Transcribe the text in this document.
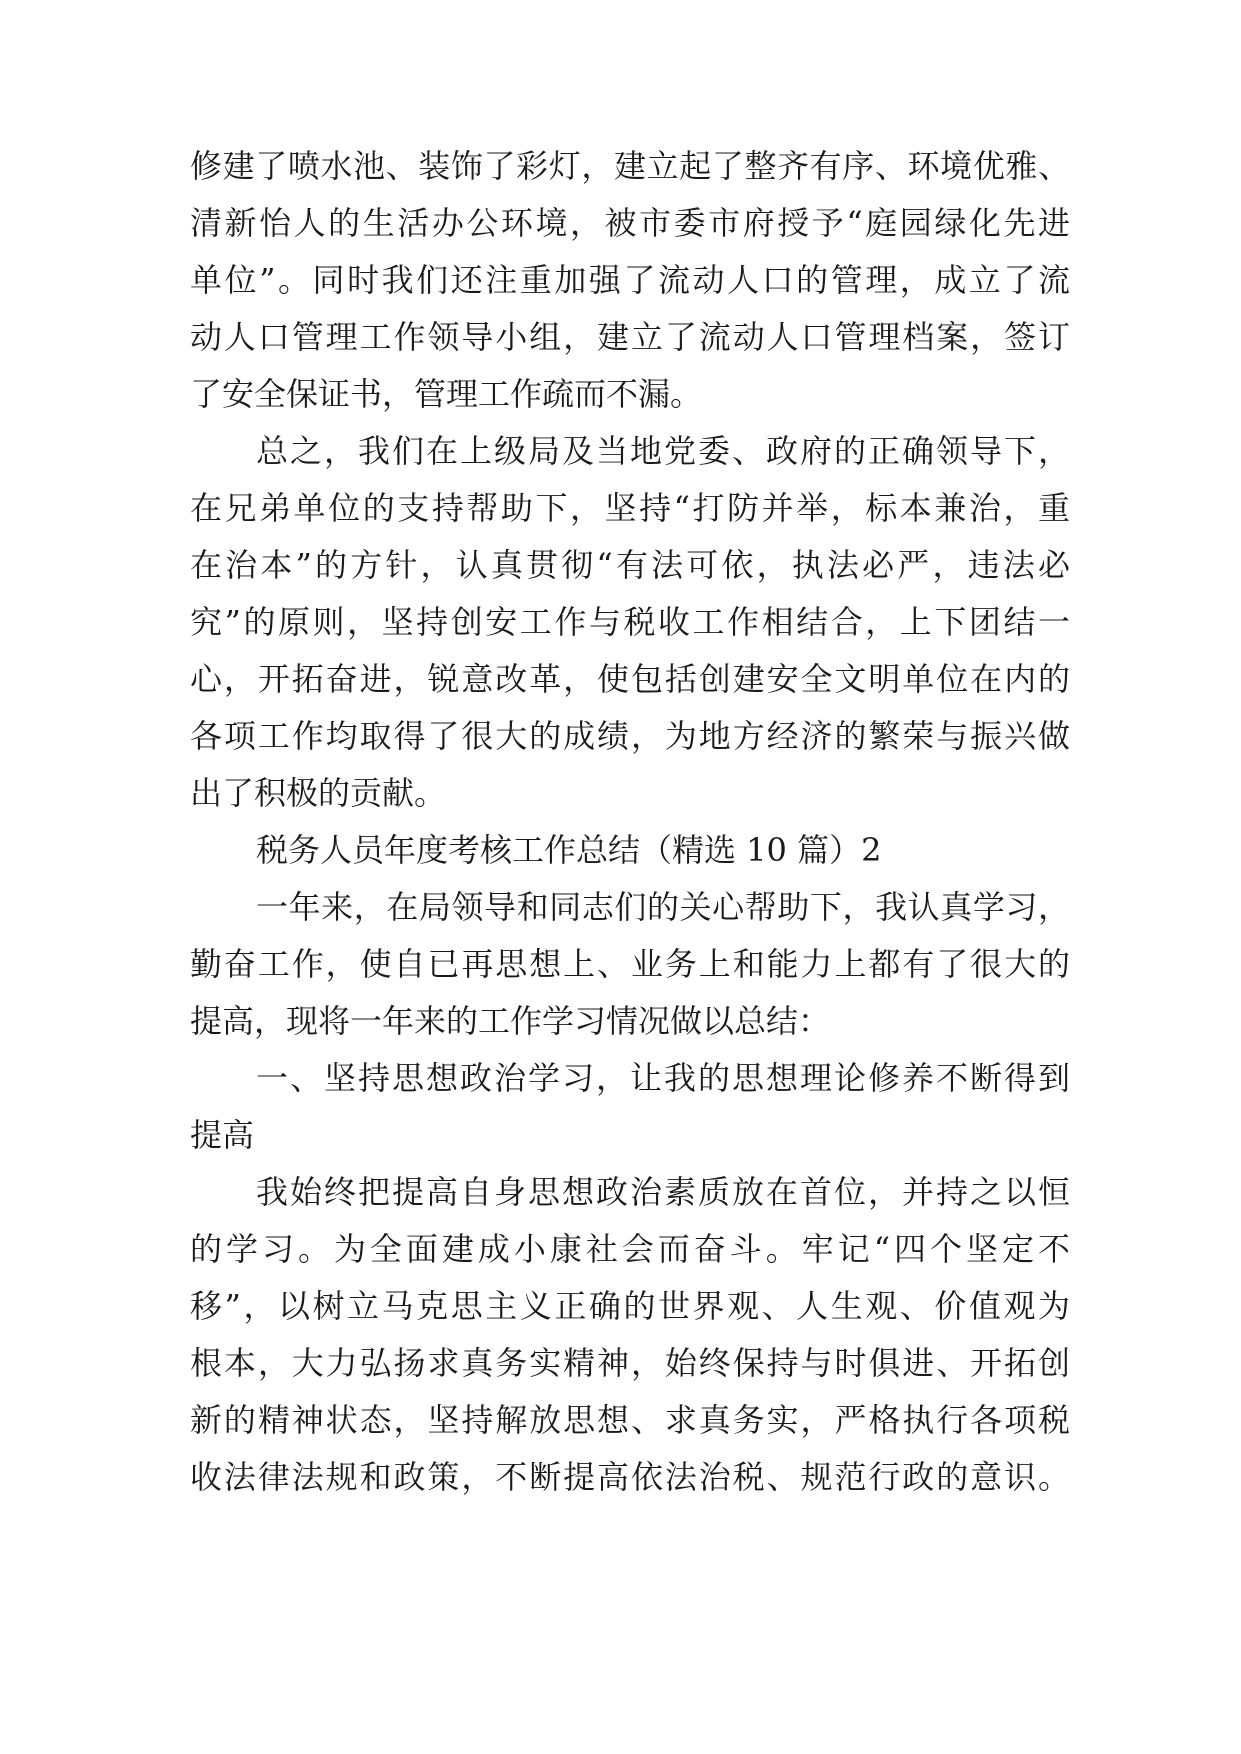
修建了喷水池、装饰了彩灯，建立起了整齐有序、环境优雅、
清新怡人的生活办公环境，被市委市府授予“庭园绿化先进
单位”。同时我们还注重加强了流动人口的管理，成立了流
动人口管理工作领导小组，建立了流动人口管理档案，签订
了安全保证书，管理工作疏而不漏。
总之，我们在上级局及当地党委、政府的正确领导下，
在兄弟单位的支持帮助下，坚持“打防并举，标本兼治，重
在治本”的方针，认真贯彻“有法可依，执法必严，违法必
究”的原则，坚持创安工作与税收工作相结合，上下团结一
心，开拓奋进，锐意改革，使包括创建安全文明单位在内的
各项工作均取得了很大的成绩，为地方经济的繁荣与振兴做
出了积极的贡献。
税务人员年度考核工作总结（精选 10 篇）2
一年来，在局领导和同志们的关心帮助下，我认真学习，
勤奋工作，使自已再思想上、业务上和能力上都有了很大的
提高，现将一年来的工作学习情况做以总结：
一、坚持思想政治学习，让我的思想理论修养不断得到
提高
我始终把提高自身思想政治素质放在首位，并持之以恒
的学习。为全面建成小康社会而奋斗。牢记“四个坚定不
移”，以树立马克思主义正确的世界观、人生观、价值观为
根本，大力弘扬求真务实精神，始终保持与时俱进、开拓创
新的精神状态，坚持解放思想、求真务实，严格执行各项税
收法律法规和政策，不断提高依法治税、规范行政的意识。
